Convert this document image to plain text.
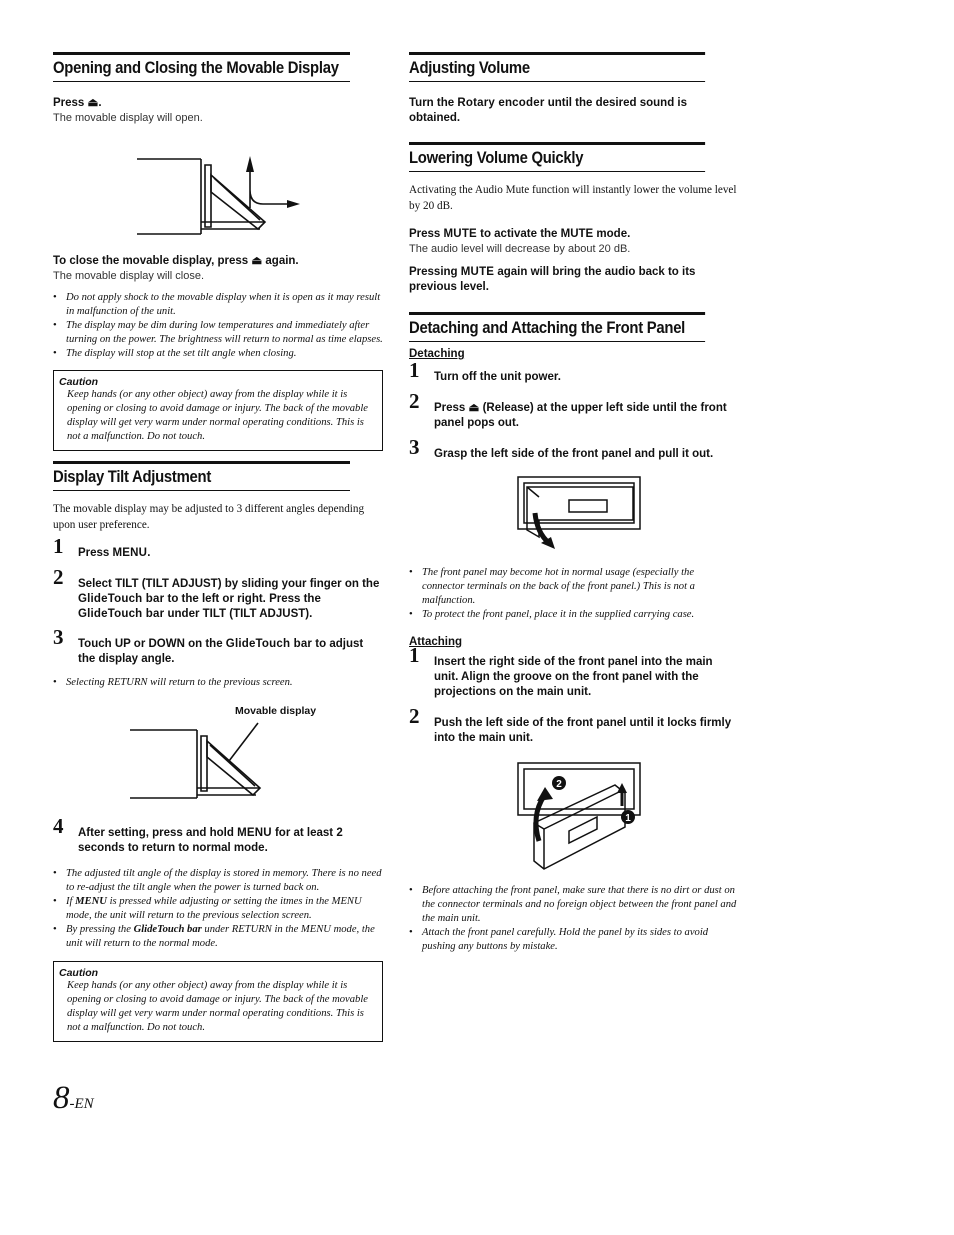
Opening and Closing the Movable Display
Press ⏏.
The movable display will open.
To close the movable display, press ⏏ again.
The movable display will close.
• Do not apply shock to the movable display when it is open as it may result in malfunction of the unit.
• The display may be dim during low temperatures and immediately after turning on the power. The brightness will return to normal as time elapses.
• The display will stop at the set tilt angle when closing.
Caution
Keep hands (or any other object) away from the display while it is opening or closing to avoid damage or injury. The back of the movable display will get very warm under normal operating conditions. This is not a malfunction. Do not touch.
Display Tilt Adjustment
The movable display may be adjusted to 3 different angles depending upon user preference.
1 Press MENU.
2 Select TILT (TILT ADJUST) by sliding your finger on the GlideTouch bar to the left or right. Press the GlideTouch bar under TILT (TILT ADJUST).
3 Touch UP or DOWN on the GlideTouch bar to adjust the display angle.
• Selecting RETURN will return to the previous screen.
Movable display
4 After setting, press and hold MENU for at least 2 seconds to return to normal mode.
• The adjusted tilt angle of the display is stored in memory. There is no need to re-adjust the tilt angle when the power is turned back on.
• If MENU is pressed while adjusting or setting the itmes in the MENU mode, the unit will return to the previous selection screen.
• By pressing the GlideTouch bar under RETURN in the MENU mode, the unit will return to the normal mode.
Caution
Keep hands (or any other object) away from the display while it is opening or closing to avoid damage or injury. The back of the movable display will get very warm under normal operating conditions. This is not a malfunction. Do not touch.
8-EN
Adjusting Volume
Turn the Rotary encoder until the desired sound is obtained.
Lowering Volume Quickly
Activating the Audio Mute function will instantly lower the volume level by 20 dB.
Press MUTE to activate the MUTE mode.
The audio level will decrease by about 20 dB.
Pressing MUTE again will bring the audio back to its previous level.
Detaching and Attaching the Front Panel
Detaching
1 Turn off the unit power.
2 Press ⏏ (Release) at the upper left side until the front panel pops out.
3 Grasp the left side of the front panel and pull it out.
• The front panel may become hot in normal usage (especially the connector terminals on the back of the front panel.) This is not a malfunction.
• To protect the front panel, place it in the supplied carrying case.
Attaching
1 Insert the right side of the front panel into the main unit. Align the groove on the front panel with the projections on the main unit.
2 Push the left side of the front panel until it locks firmly into the main unit.
2
1
• Before attaching the front panel, make sure that there is no dirt or dust on the connector terminals and no foreign object between the front panel and the main unit.
• Attach the front panel carefully. Hold the panel by its sides to avoid pushing any buttons by mistake.
